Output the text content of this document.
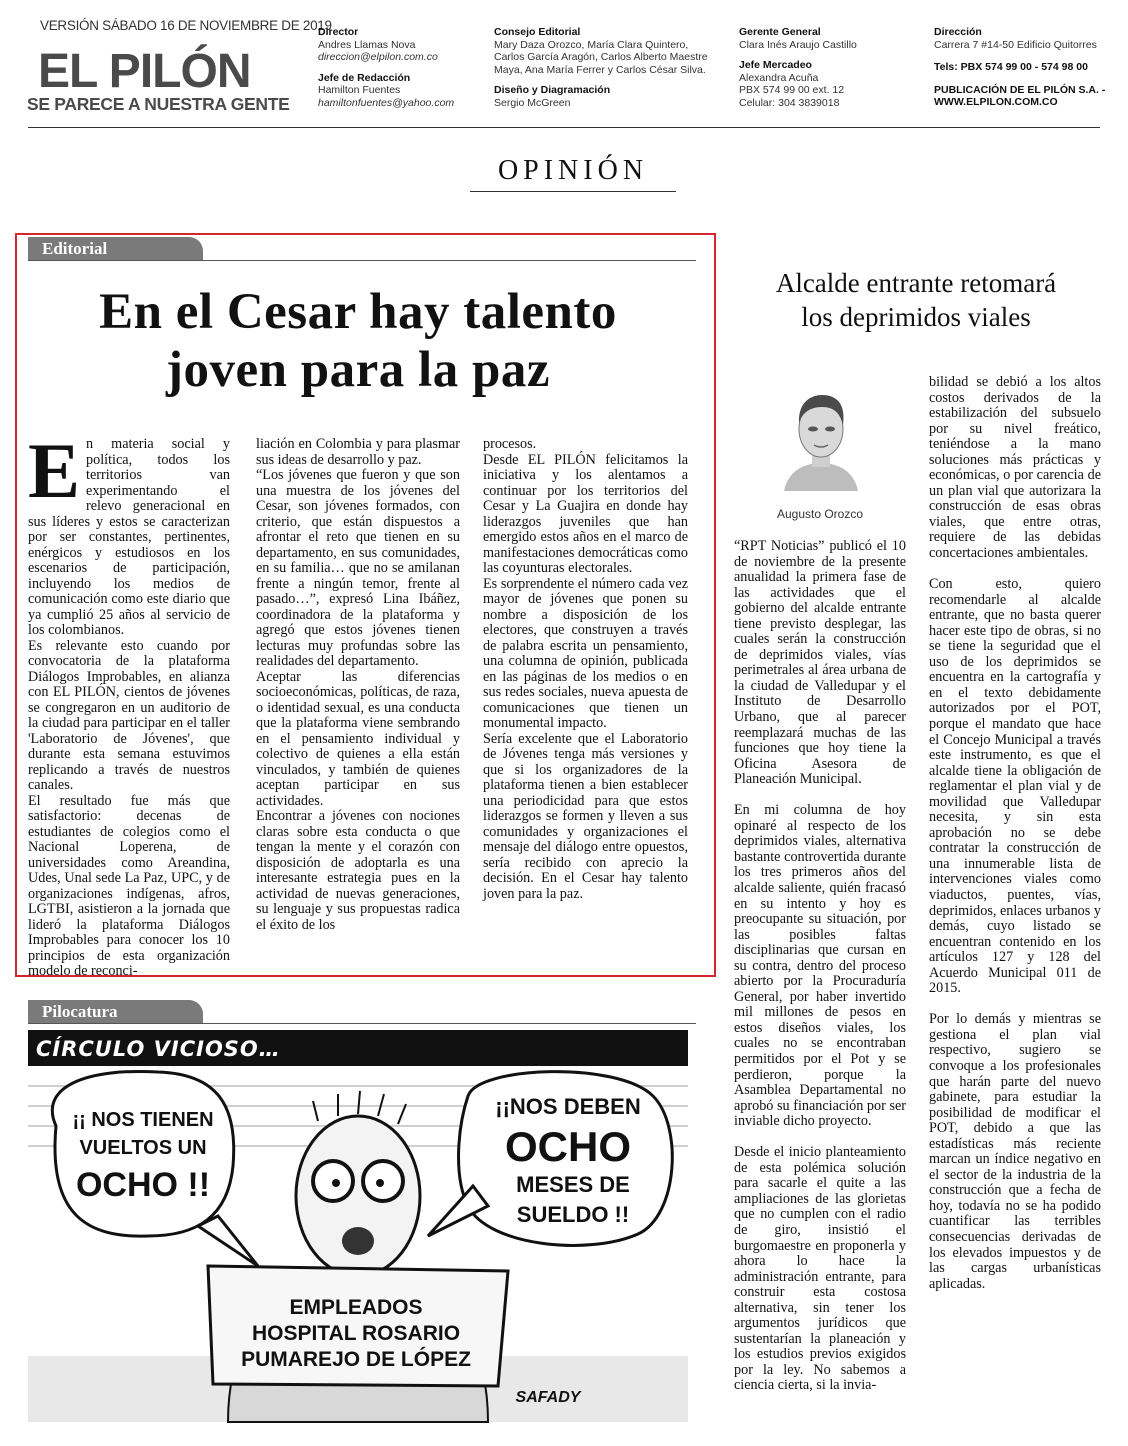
VERSIÓN SÁBADO 16 DE NOVIEMBRE DE 2019
EL PILÓN
SE PARECE A NUESTRA GENTE
Director
Andres Llamas Nova
direccion@elpilon.com.co
Jefe de Redacción
Hamilton Fuentes
hamiltonfuentes@yahoo.com
Consejo Editorial
Mary Daza Orozco, María Clara Quintero,
Carlos García Aragón, Carlos Alberto Maestre
Maya, Ana María Ferrer y Carlos César Silva.
Diseño y Diagramación
Sergio McGreen
Gerente General
Clara Inés Araujo Castillo
Jefe Mercadeo
Alexandra Acuña
PBX 574 99 00 ext. 12
Celular: 304 3839018
Dirección
Carrera 7 #14-50 Edificio Quitorres
Tels: PBX 574 99 00 - 574 98 00
PUBLICACIÓN DE EL PILÓN S.A. -
WWW.ELPILON.COM.CO
OPINIÓN
Editorial
En el Cesar hay talento
joven para la paz
E n materia social y política, todos los territorios van experimentando el relevo generacional en sus líderes y estos se caracterizan por ser constantes, pertinentes, enérgicos y estudiosos en los escenarios de participación, incluyendo los medios de comunicación como este diario que ya cumplió 25 años al servicio de los colombianos.

Es relevante esto cuando por convocatoria de la plataforma Diálogos Improbables, en alianza con EL PILÓN, cientos de jóvenes se congregaron en un auditorio de la ciudad para participar en el taller 'Laboratorio de Jóvenes', que durante esta semana estuvimos replicando a través de nuestros canales.

El resultado fue más que satisfactorio: decenas de estudiantes de colegios como el Nacional Loperena, de universidades como Areandina, Udes, Unal sede La Paz, UPC, y de organizaciones indígenas, afros, LGTBI, asistieron a la jornada que lideró la plataforma Diálogos Improbables para conocer los 10 principios de esta organización modelo de reconci-

liación en Colombia y para plasmar sus ideas de desarrollo y paz.

“Los jóvenes que fueron y que son una muestra de los jóvenes del Cesar, son jóvenes formados, con criterio, que están dispuestos a afrontar el reto que tienen en su departamento, en sus comunidades, en su familia… que no se amilanan frente a ningún temor, frente al pasado…”, expresó Lina Ibáñez, coordinadora de la plataforma y agregó que estos jóvenes tienen lecturas muy profundas sobre las realidades del departamento.

Aceptar las diferencias socioeconómicas, políticas, de raza, o identidad sexual, es una conducta que la plataforma viene sembrando en el pensamiento individual y colectivo de quienes a ella están vinculados, y también de quienes aceptan participar en sus actividades.

Encontrar a jóvenes con nociones claras sobre esta conducta o que tengan la mente y el corazón con disposición de adoptarla es una interesante estrategia pues en la actividad de nuevas generaciones, su lenguaje y sus propuestas radica el éxito de los

procesos.

Desde EL PILÓN felicitamos la iniciativa y los alentamos a continuar por los territorios del Cesar y La Guajira en donde hay liderazgos juveniles que han emergido estos años en el marco de manifestaciones democráticas como las coyunturas electorales.

Es sorprendente el número cada vez mayor de jóvenes que ponen su nombre a disposición de los electores, que construyen a través de palabra escrita un pensamiento, una columna de opinión, publicada en las páginas de los medios o en sus redes sociales, nueva apuesta de comunicaciones que tienen un monumental impacto.

Sería excelente que el Laboratorio de Jóvenes tenga más versiones y que si los organizadores de la plataforma tienen a bien establecer una periodicidad para que estos liderazgos se formen y lleven a sus comunidades y organizaciones el mensaje del diálogo entre opuestos, sería recibido con aprecio la decisión. En el Cesar hay talento joven para la paz.

Alcalde entrante retomará
los deprimidos viales
Augusto Orozco

“RPT Noticias” publicó el 10 de noviembre de la presente anualidad la primera fase de las actividades que el gobierno del alcalde entrante tiene previsto desplegar, las cuales serán la construcción de deprimidos viales, vías perimetrales al área urbana de la ciudad de Valledupar y el Instituto de Desarrollo Urbano, que al parecer reemplazará muchas de las funciones que hoy tiene la Oficina Asesora de Planeación Municipal.

En mi columna de hoy opinaré al respecto de los deprimidos viales, alternativa bastante controvertida durante los tres primeros años del alcalde saliente, quién fracasó en su intento y hoy es preocupante su situación, por las posibles faltas disciplinarias que cursan en su contra, dentro del proceso abierto por la Procuraduría General, por haber invertido mil millones de pesos en estos diseños viales, los cuales no se encontraban permitidos por el Pot y se perdieron, porque la Asamblea Departamental no aprobó su financiación por ser inviable dicho proyecto.

Desde el inicio planteamiento de esta polémica solución para sacarle el quite a las ampliaciones de las glorietas que no cumplen con el radio de giro, insistió el burgomaestre en proponerla y ahora lo hace la administración entrante, para construir esta costosa alternativa, sin tener los argumentos jurídicos que sustentarían la planeación y los estudios previos exigidos por la ley. No sabemos a ciencia cierta, si la invia-

bilidad se debió a los altos costos derivados de la estabilización del subsuelo por su nivel freático, teniéndose a la mano soluciones más prácticas y económicas, o por carencia de un plan vial que autorizara la construcción de esas obras viales, que entre otras, requiere de las debidas concertaciones ambientales.

Con esto, quiero recomendarle al alcalde entrante, que no basta querer hacer este tipo de obras, si no se tiene la seguridad que el uso de los deprimidos se encuentra en la cartografía y en el texto debidamente autorizados por el POT, porque el mandato que hace el Concejo Municipal a través este instrumento, es que el alcalde tiene la obligación de reglamentar el plan vial y de movilidad que Valledupar necesita, y sin esta aprobación no se debe contratar la construcción de una innumerable lista de intervenciones viales como viaductos, puentes, vías, deprimidos, enlaces urbanos y demás, cuyo listado se encuentran contenido en los artículos 127 y 128 del Acuerdo Municipal 011 de 2015.

Por lo demás y mientras se gestiona el plan vial respectivo, sugiero se convoque a los profesionales que harán parte del nuevo gabinete, para estudiar la posibilidad de modificar el POT, debido a que las estadísticas más reciente marcan un índice negativo en el sector de la industria de la construcción que a fecha de hoy, todavía no se ha podido cuantificar las terribles consecuencias derivadas de los elevados impuestos y de las cargas urbanísticas aplicadas.

Pilocatura
CÍRCULO VICIOSO…
¡¡ NOS TIENEN
VUELTOS UN
OCHO !!
¡¡NOS DEBEN
OCHO
MESES DE
SUELDO !!
EMPLEADOS
HOSPITAL ROSARIO
PUMAREJO DE LÓPEZ
SAFADY
